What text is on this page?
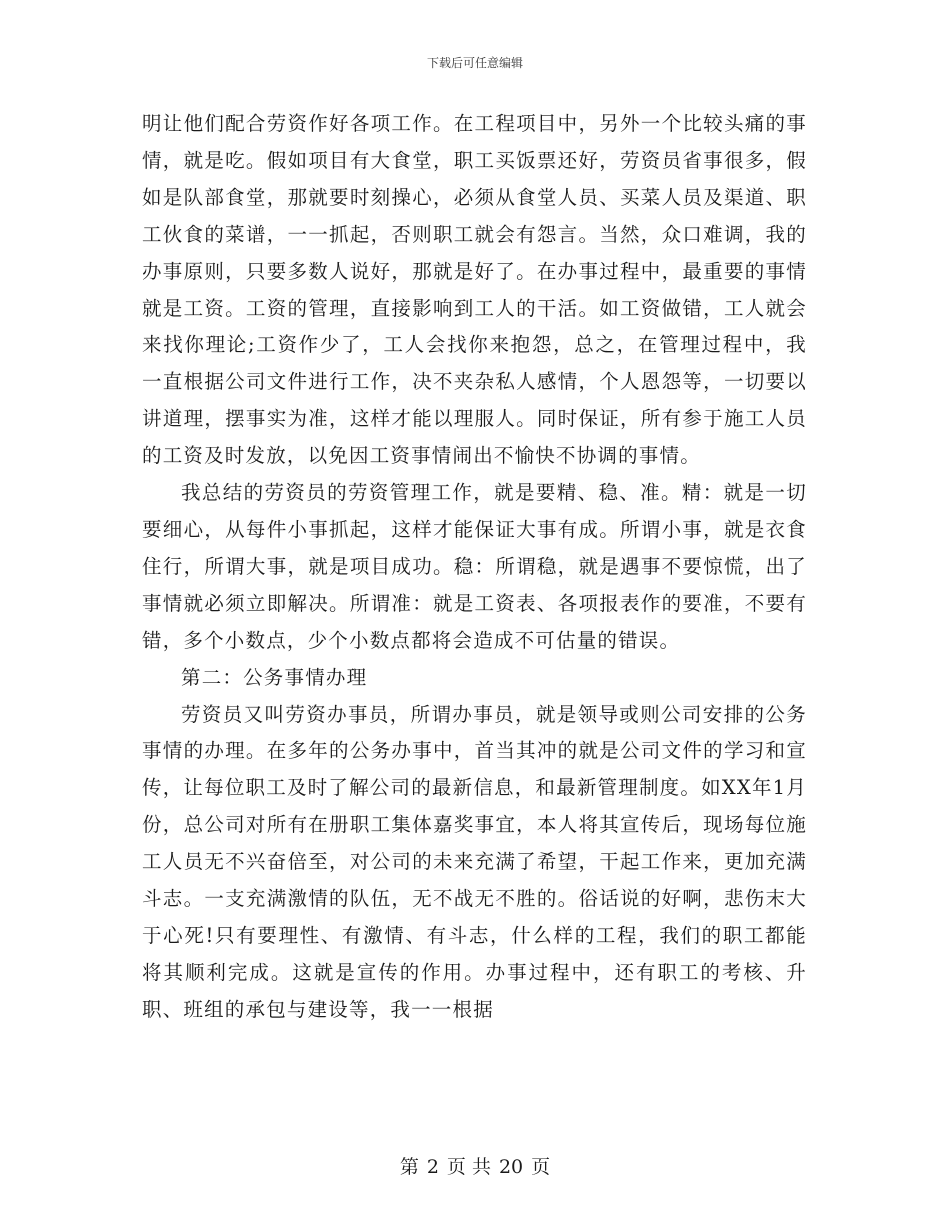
下载后可任意编辑

明让他们配合劳资作好各项工作。在工程项目中，另外一个比较头痛的事情，就是吃。假如项目有大食堂，职工买饭票还好，劳资员省事很多，假如是队部食堂，那就要时刻操心，必须从食堂人员、买菜人员及渠道、职工伙食的菜谱，一一抓起，否则职工就会有怨言。当然，众口难调，我的办事原则，只要多数人说好，那就是好了。在办事过程中，最重要的事情就是工资。工资的管理，直接影响到工人的干活。如工资做错，工人就会来找你理论;工资作少了，工人会找你来抱怨，总之，在管理过程中，我一直根据公司文件进行工作，决不夹杂私人感情，个人恩怨等，一切要以讲道理，摆事实为准，这样才能以理服人。同时保证，所有参于施工人员的工资及时发放，以免因工资事情闹出不愉快不协调的事情。

我总结的劳资员的劳资管理工作，就是要精、稳、准。精：就是一切要细心，从每件小事抓起，这样才能保证大事有成。所谓小事，就是衣食住行，所谓大事，就是项目成功。稳：所谓稳，就是遇事不要惊慌，出了事情就必须立即解决。所谓准：就是工资表、各项报表作的要准，不要有错，多个小数点，少个小数点都将会造成不可估量的错误。

第二：公务事情办理

劳资员又叫劳资办事员，所谓办事员，就是领导或则公司安排的公务事情的办理。在多年的公务办事中，首当其冲的就是公司文件的学习和宣传，让每位职工及时了解公司的最新信息，和最新管理制度。如XX年1月份，总公司对所有在册职工集体嘉奖事宜，本人将其宣传后，现场每位施工人员无不兴奋倍至，对公司的未来充满了希望，干起工作来，更加充满斗志。一支充满激情的队伍，无不战无不胜的。俗话说的好啊，悲伤末大于心死!只有要理性、有激情、有斗志，什么样的工程，我们的职工都能将其顺利完成。这就是宣传的作用。办事过程中，还有职工的考核、升职、班组的承包与建设等，我一一根据

第 2 页 共 20 页
